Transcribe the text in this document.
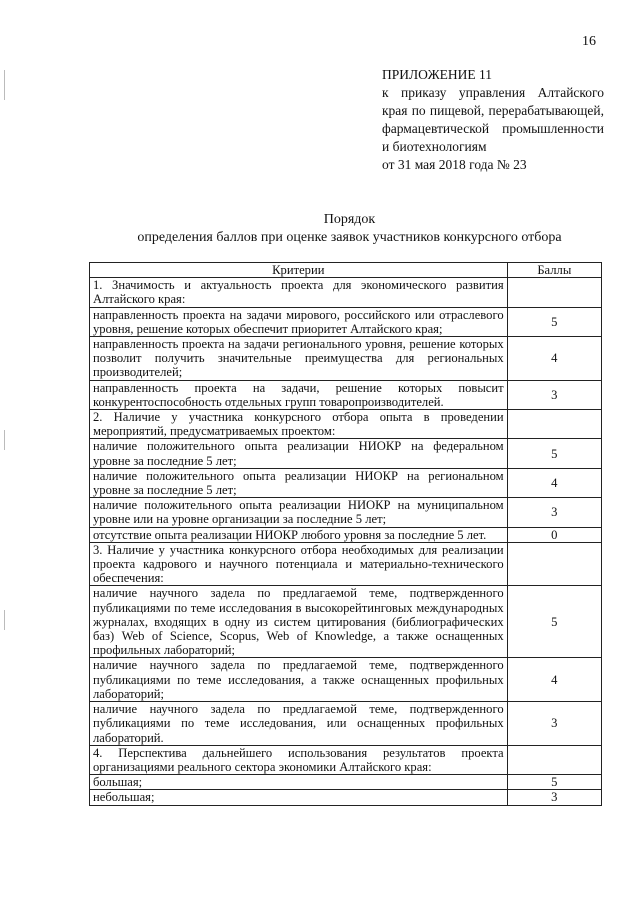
16
ПРИЛОЖЕНИЕ 11
к приказу управления Алтайского края по пищевой, перерабатывающей, фармацевтической промышленности и биотехнологиям
от 31 мая 2018 года № 23
Порядок
определения баллов при оценке заявок участников конкурсного отбора
Критерии	Баллы
1. Значимость и актуальность проекта для экономического развития Алтайского края:	
направленность проекта на задачи мирового, российского или отраслевого уровня, решение которых обеспечит приоритет Алтайского края;	5
направленность проекта на задачи регионального уровня, решение которых позволит получить значительные преимущества для региональных производителей;	4
направленность проекта на задачи, решение которых повысит конкурентоспособность отдельных групп товаропроизводителей.	3
2. Наличие у участника конкурсного отбора опыта в проведении мероприятий, предусматриваемых проектом:	
наличие положительного опыта реализации НИОКР на федеральном уровне за последние 5 лет;	5
наличие положительного опыта реализации НИОКР на региональном уровне за последние 5 лет;	4
наличие положительного опыта реализации НИОКР на муниципальном уровне или на уровне организации за последние 5 лет;	3
отсутствие опыта реализации НИОКР любого уровня за последние 5 лет.	0
3. Наличие у участника конкурсного отбора необходимых для реализации проекта кадрового и научного потенциала и материально-технического обеспечения:	
наличие научного задела по предлагаемой теме, подтвержденного публикациями по теме исследования в высокорейтинговых международных журналах, входящих в одну из систем цитирования (библиографических баз) Web of Science, Scopus, Web of Knowledge, а также оснащенных профильных лабораторий;	5
наличие научного задела по предлагаемой теме, подтвержденного публикациями по теме исследования, а также оснащенных профильных лабораторий;	4
наличие научного задела по предлагаемой теме, подтвержденного публикациями по теме исследования, или оснащенных профильных лабораторий.	3
4. Перспектива дальнейшего использования результатов проекта организациями реального сектора экономики Алтайского края:	
большая;	5
небольшая;	3
